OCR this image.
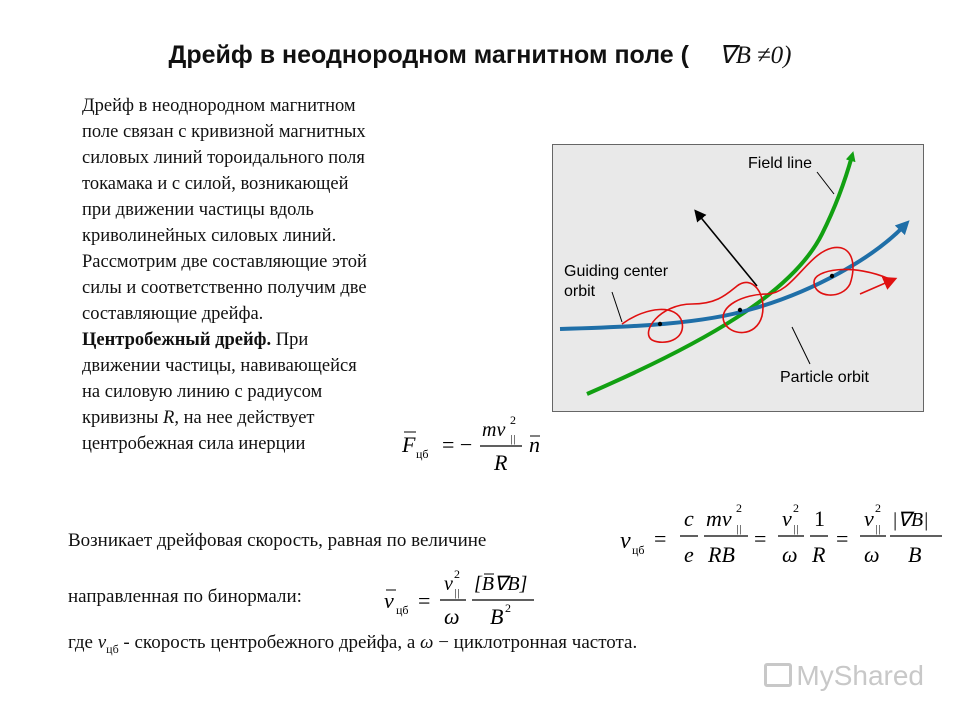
Дрейф в неоднородном магнитном поле ( ∇B ≠0)
Дрейф в неоднородном магнитном
поле связан с кривизной магнитных
силовых линий тороидального поля
токамака и с силой, возникающей
при движении частицы вдоль
криволинейных силовых линий.
Рассмотрим две составляющие этой
силы и соответственно получим две
составляющие дрейфа.
Центробежный дрейф. При
движении частицы, навивающейся
на силовую линию с радиусом
кривизны R, на нее действует
центробежная сила инерции
Field line
Guiding center
orbit
Particle orbit
F цб = −
mv ||
2
R
n
Возникает дрейфовая скорость, равная по величине	v цб =
c
e
mv ||
2
RB
=
v ||
2
ω
1
R
=
v ||
2
ω
|∇B|
B
направленная по бинормали:	v цб =
v ||
2
ω
[B∇B]
B 2
где $v_{цб}$ - скорость центробежного дрейфа, а ω − циклотронная частота.
MyShared
